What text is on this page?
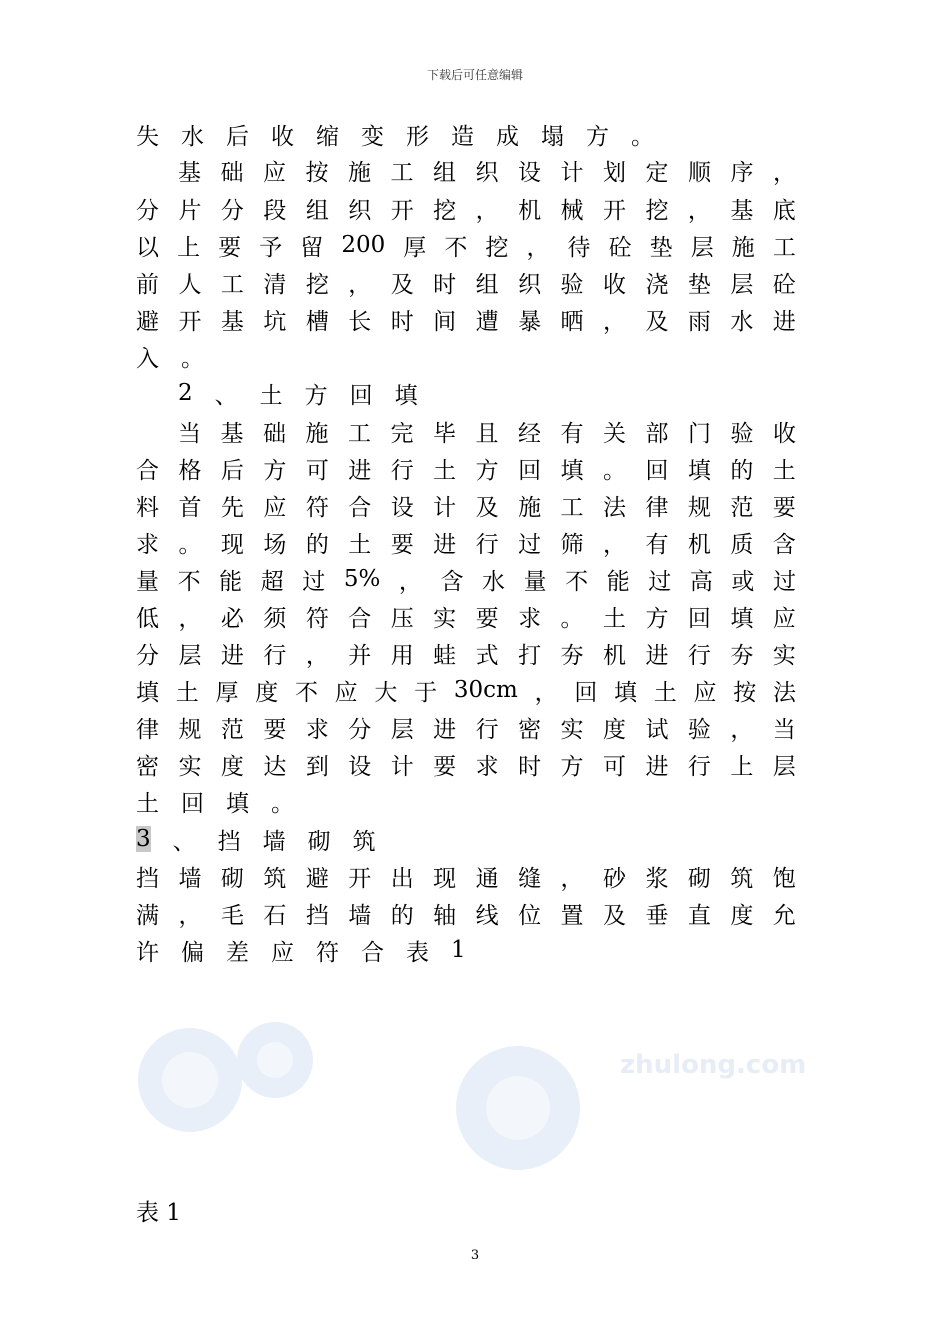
下载后可任意编辑
失 水 后 收 缩 变 形 造 成 塌 方 。
基 础 应 按 施 工 组 织 设 计 划 定 顺 序 ，
分 片 分 段 组 织 开 挖 ， 机 械 开 挖 ， 基 底
以 上 要 予 留 200 厚 不 挖 ， 待 砼 垫 层 施 工
前 人 工 清 挖 ， 及 时 组 织 验 收 浇 垫 层 砼
避 开 基 坑 槽 长 时 间 遭 暴 晒 ， 及 雨 水 进
入 。
2 、 土 方 回 填
当 基 础 施 工 完 毕 且 经 有 关 部 门 验 收
合 格 后 方 可 进 行 土 方 回 填 。 回 填 的 土
料 首 先 应 符 合 设 计 及 施 工 法 律 规 范 要
求 。 现 场 的 土 要 进 行 过 筛 ， 有 机 质 含
量 不 能 超 过 5% ， 含 水 量 不 能 过 高 或 过
低 ， 必 须 符 合 压 实 要 求 。 土 方 回 填 应
分 层 进 行 ， 并 用 蛙 式 打 夯 机 进 行 夯 实
填 土 厚 度 不 应 大 于 30cm ， 回 填 土 应 按 法
律 规 范 要 求 分 层 进 行 密 实 度 试 验 ， 当
密 实 度 达 到 设 计 要 求 时 方 可 进 行 上 层
土 回 填 。
3 、 挡 墙 砌 筑
挡 墙 砌 筑 避 开 出 现 通 缝 ， 砂 浆 砌 筑 饱
满 ， 毛 石 挡 墙 的 轴 线 位 置 及 垂 直 度 允
许 偏 差 应 符 合 表 1
zhulong.com
表 1
3
